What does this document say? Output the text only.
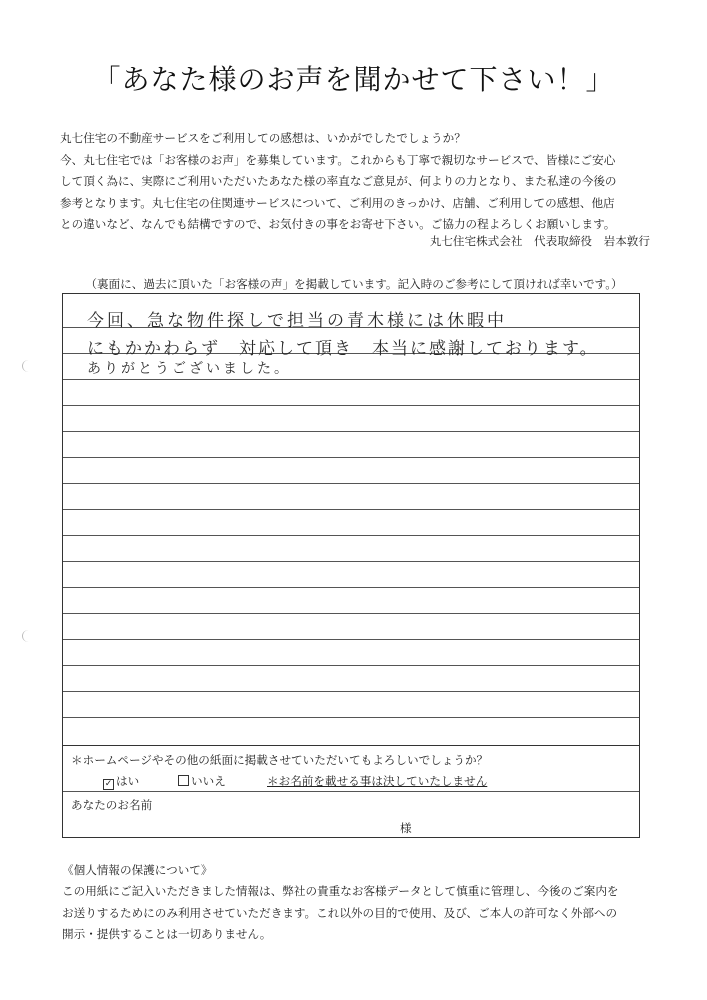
「あなた様のお声を聞かせて下さい！」

丸七住宅の不動産サービスをご利用しての感想は、いかがでしたでしょうか？

今、丸七住宅では「お客様のお声」を募集しています。これからも丁寧で親切なサービスで、皆様にご安心

して頂く為に、実際にご利用いただいたあなた様の率直なご意見が、何よりの力となり、また私達の今後の

参考となります。丸七住宅の住関連サービスについて、ご利用のきっかけ、店舗、ご利用しての感想、他店

との違いなど、なんでも結構ですので、お気付きの事をお寄せ下さい。ご協力の程よろしくお願いします。

丸七住宅株式会社　代表取締役　岩本敦行
（裏面に、過去に頂いた「お客様の声」を掲載しています。記入時のご参考にして頂ければ幸いです。）
今回、急な物件探しで担当の青木様には休暇中
にもかかわらず　対応して頂き　本当に感謝しております。
ありがとうございました。
＊ホームページやその他の紙面に掲載させていただいてもよろしいでしょうか？
✓ はい	いいえ	＊お名前を載せる事は決していたしません
あなたのお名前
様
《個人情報の保護について》

この用紙にご記入いただきました情報は、弊社の貴重なお客様データとして慎重に管理し、今後のご案内を

お送りするためにのみ利用させていただきます。これ以外の目的で使用、及び、ご本人の許可なく外部への

開示・提供することは一切ありません。
